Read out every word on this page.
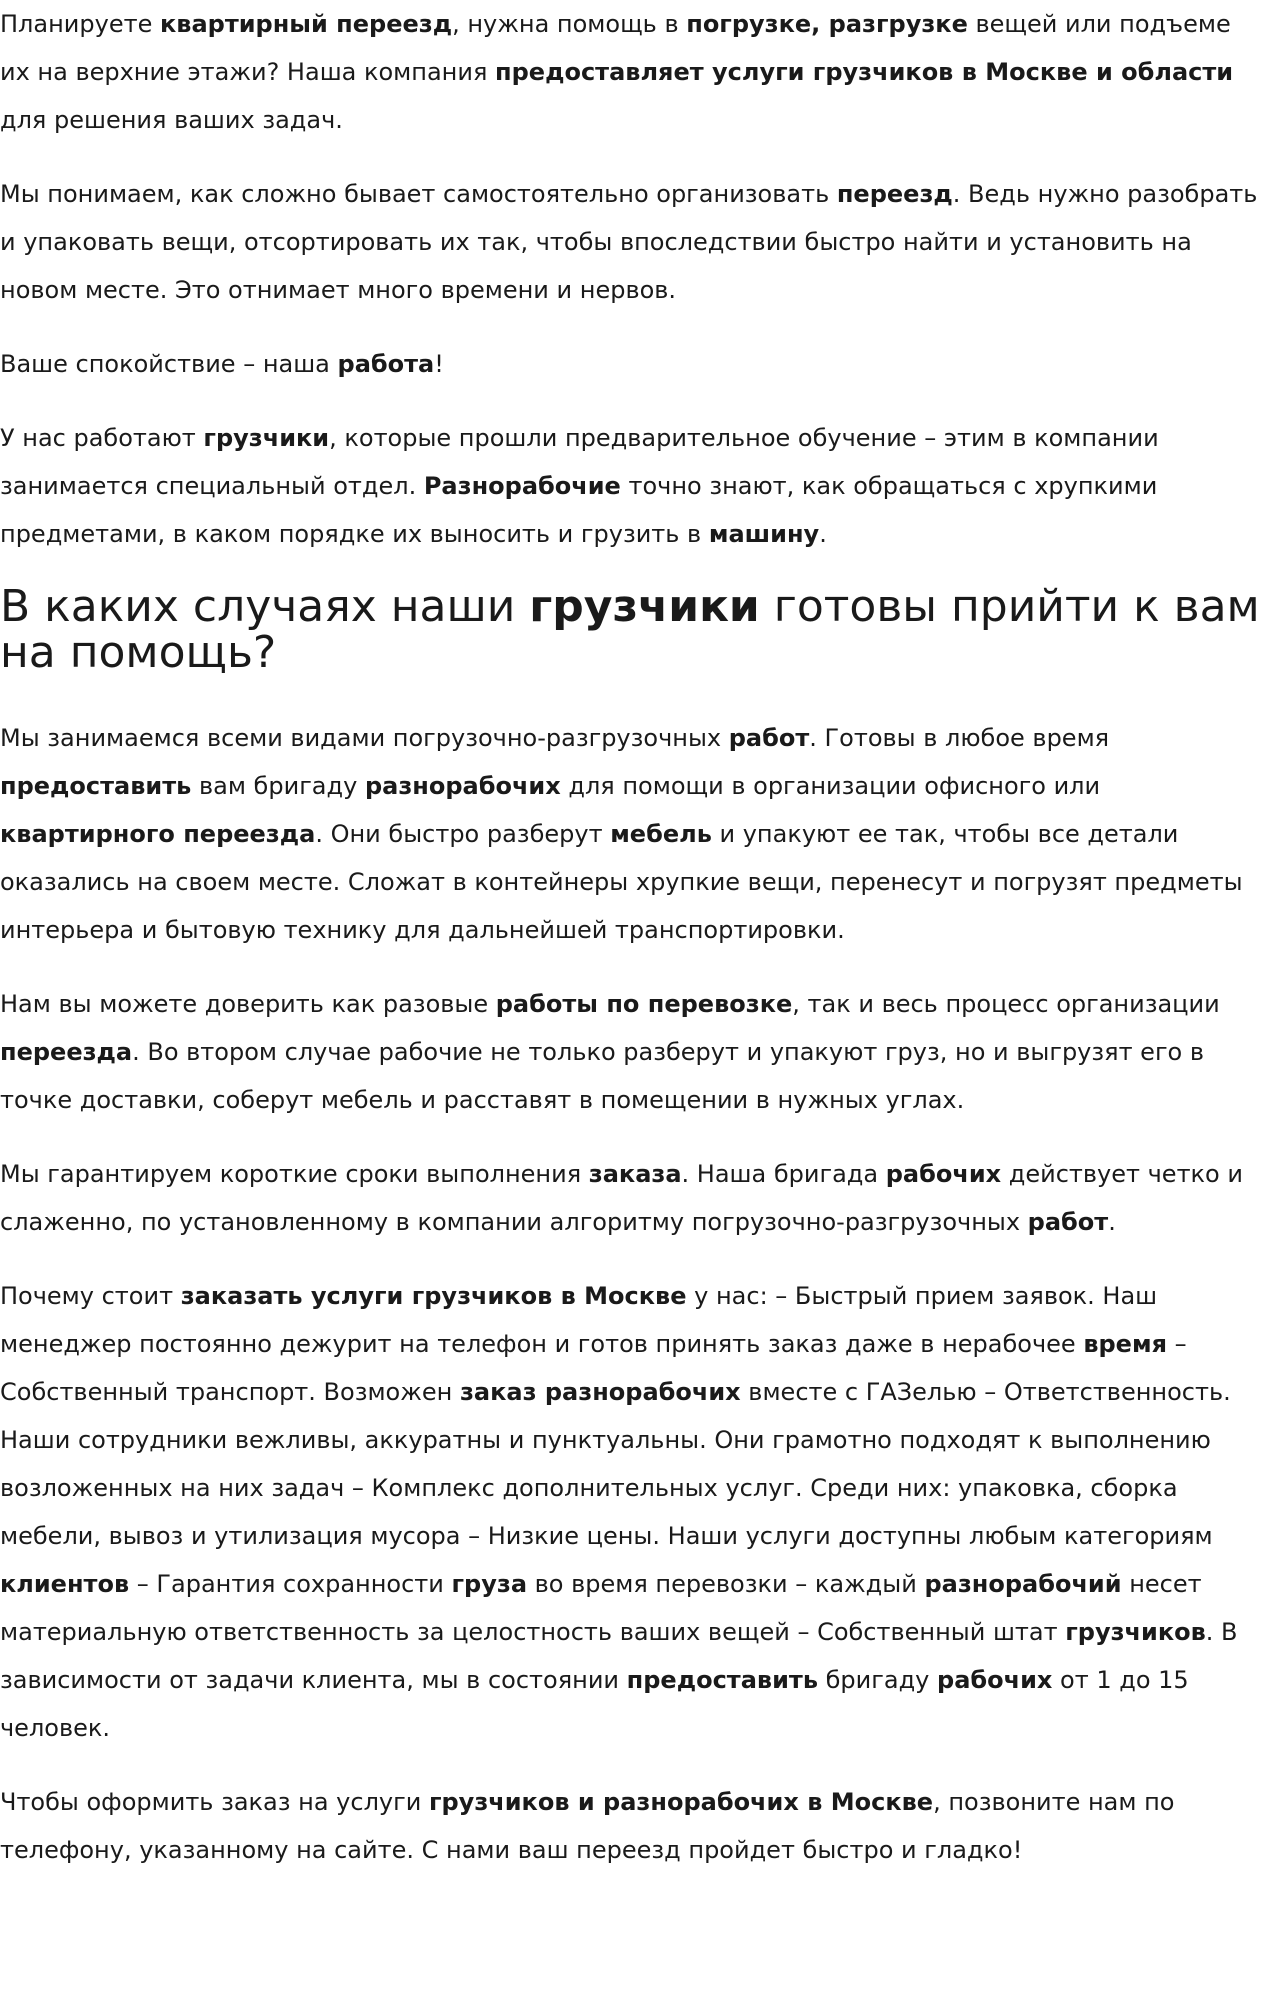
Планируете квартирный переезд, нужна помощь в погрузке, разгрузке вещей или подъеме их на верхние этажи? Наша компания предоставляет услуги грузчиков в Москве и области для решения ваших задач.

Мы понимаем, как сложно бывает самостоятельно организовать переезд. Ведь нужно разобрать и упаковать вещи, отсортировать их так, чтобы впоследствии быстро найти и установить на новом месте. Это отнимает много времени и нервов.

Ваше спокойствие – наша работа!

У нас работают грузчики, которые прошли предварительное обучение – этим в компании занимается специальный отдел. Разнорабочие точно знают, как обращаться с хрупкими предметами, в каком порядке их выносить и грузить в машину.

В каких случаях наши грузчики готовы прийти к вам на помощь?

Мы занимаемся всеми видами погрузочно-разгрузочных работ. Готовы в любое время предоставить вам бригаду разнорабочих для помощи в организации офисного или квартирного переезда. Они быстро разберут мебель и упакуют ее так, чтобы все детали оказались на своем месте. Сложат в контейнеры хрупкие вещи, перенесут и погрузят предметы интерьера и бытовую технику для дальнейшей транспортировки.

Нам вы можете доверить как разовые работы по перевозке, так и весь процесс организации переезда. Во втором случае рабочие не только разберут и упакуют груз, но и выгрузят его в точке доставки, соберут мебель и расставят в помещении в нужных углах.

Мы гарантируем короткие сроки выполнения заказа. Наша бригада рабочих действует четко и слаженно, по установленному в компании алгоритму погрузочно-разгрузочных работ.

Почему стоит заказать услуги грузчиков в Москве у нас: – Быстрый прием заявок. Наш менеджер постоянно дежурит на телефон и готов принять заказ даже в нерабочее время – Собственный транспорт. Возможен заказ разнорабочих вместе с ГАЗелью – Ответственность. Наши сотрудники вежливы, аккуратны и пунктуальны. Они грамотно подходят к выполнению возложенных на них задач – Комплекс дополнительных услуг. Среди них: упаковка, сборка мебели, вывоз и утилизация мусора – Низкие цены. Наши услуги доступны любым категориям клиентов – Гарантия сохранности груза во время перевозки – каждый разнорабочий несет материальную ответственность за целостность ваших вещей – Собственный штат грузчиков. В зависимости от задачи клиента, мы в состоянии предоставить бригаду рабочих от 1 до 15 человек.

Чтобы оформить заказ на услуги грузчиков и разнорабочих в Москве, позвоните нам по телефону, указанному на сайте. С нами ваш переезд пройдет быстро и гладко!
